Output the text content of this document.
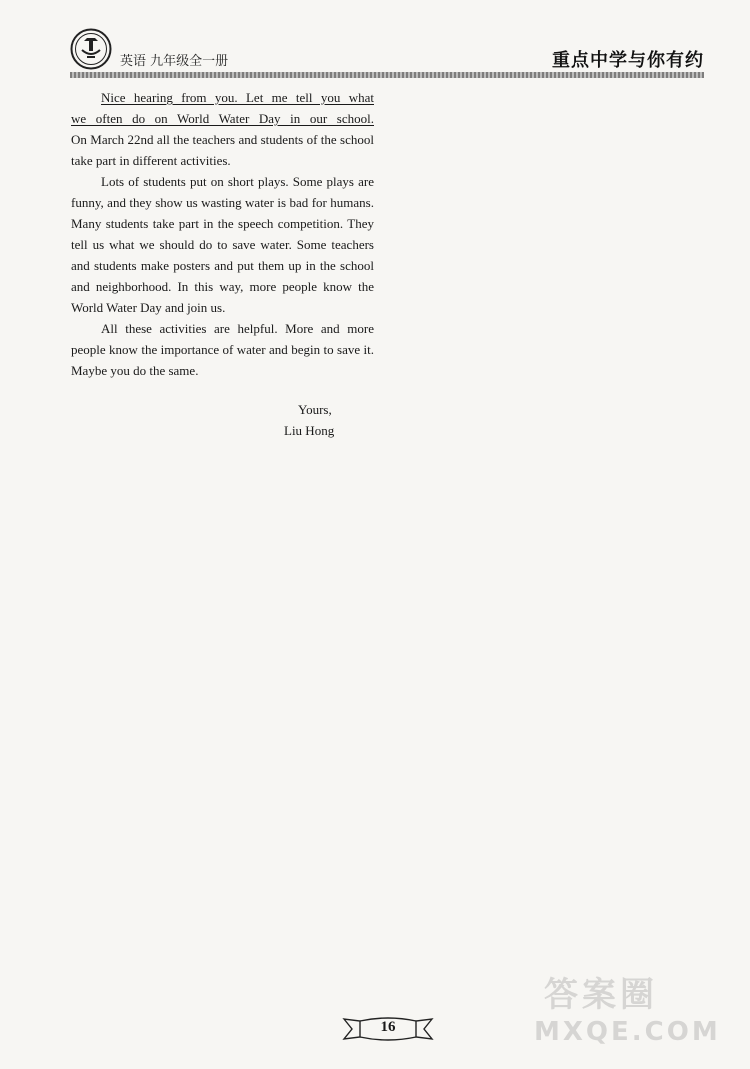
英语 九年级全一册	重点中学与你有约

Nice hearing from you. Let me tell you what

we often do on World Water Day in our school.

On March 22nd all the teachers and students of the school take part in different activities.

Lots of students put on short plays. Some plays are funny, and they show us wasting water is bad for humans. Many students take part in the speech competition. They tell us what we should do to save water. Some teachers and students make posters and put them up in the school and neighborhood. In this way, more people know the World Water Day and join us.

All these activities are helpful. More and more people know the importance of water and begin to save it. Maybe you do the same.

Yours,
Liu Hong
16
答案圈
MXQE.COM
